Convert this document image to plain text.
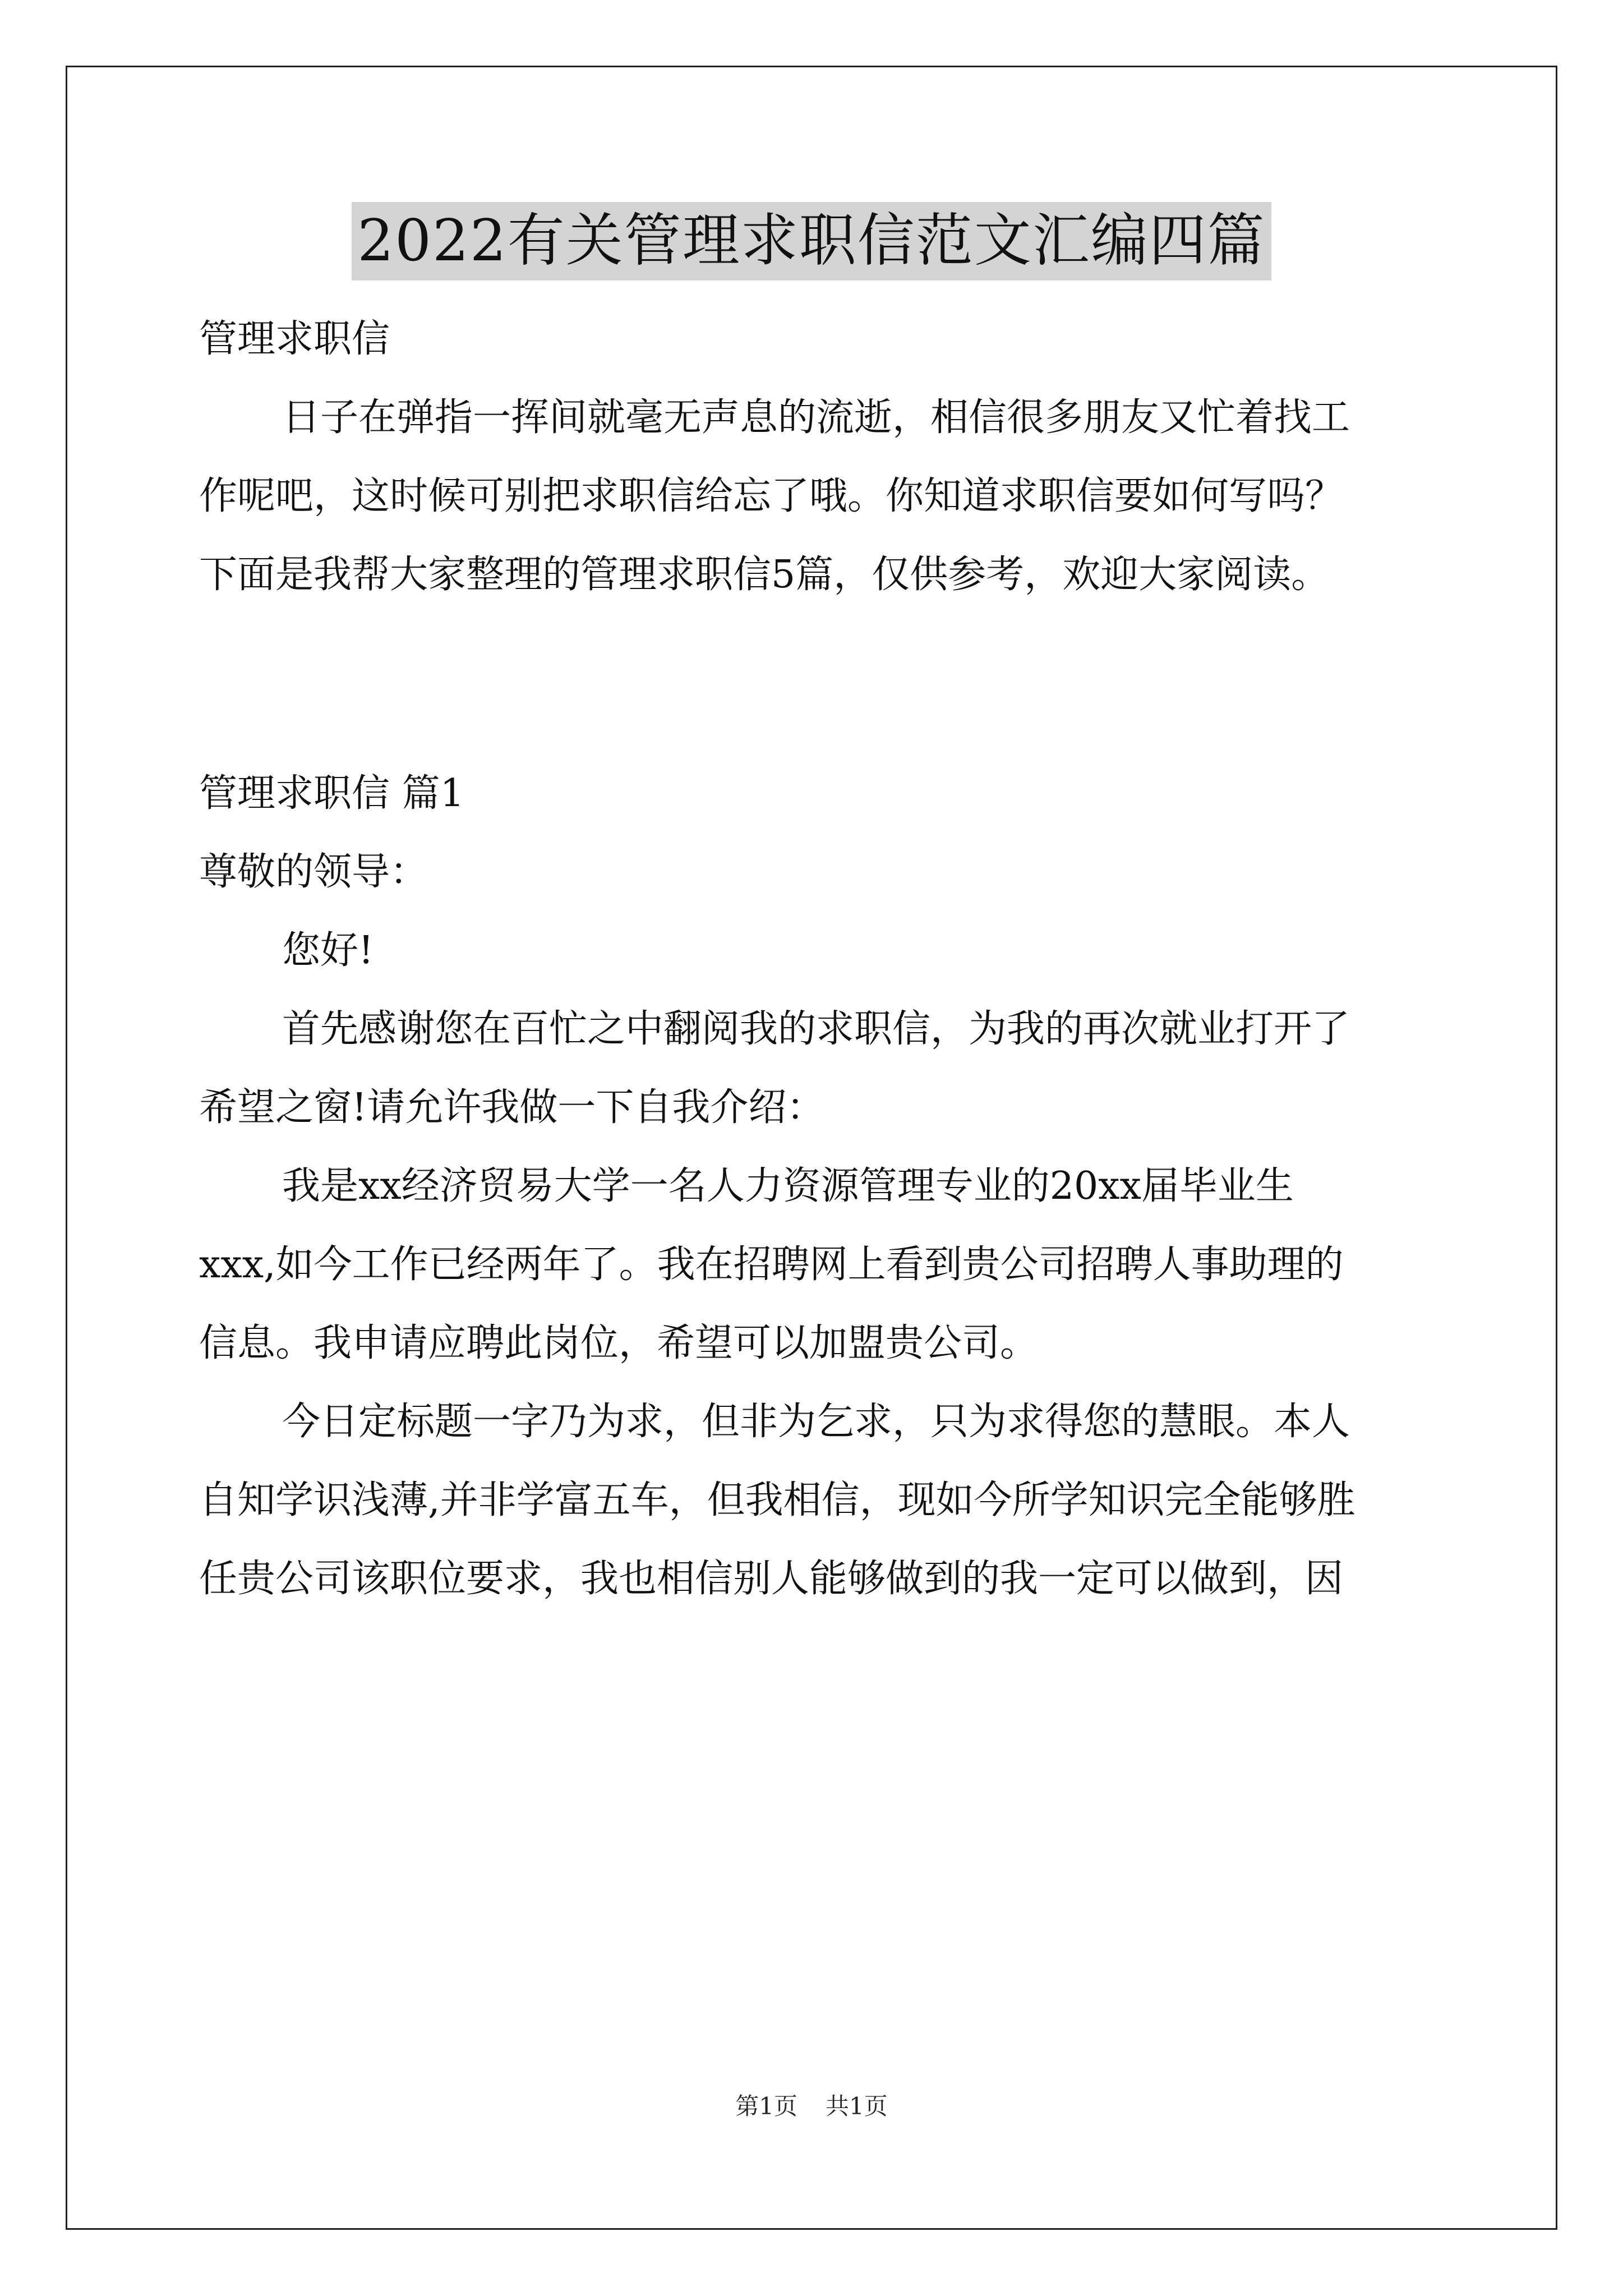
2022有关管理求职信范文汇编四篇

管理求职信

日子在弹指一挥间就毫无声息的流逝，相信很多朋友又忙着找工

作呢吧，这时候可别把求职信给忘了哦。你知道求职信要如何写吗？

下面是我帮大家整理的管理求职信5篇，仅供参考，欢迎大家阅读。

管理求职信 篇1

尊敬的领导：

您好!

首先感谢您在百忙之中翻阅我的求职信，为我的再次就业打开了

希望之窗!请允许我做一下自我介绍：

我是xx经济贸易大学一名人力资源管理专业的20xx届毕业生

xxx,如今工作已经两年了。我在招聘网上看到贵公司招聘人事助理的

信息。我申请应聘此岗位，希望可以加盟贵公司。

今日定标题一字乃为求，但非为乞求，只为求得您的慧眼。本人

自知学识浅薄,并非学富五车，但我相信，现如今所学知识完全能够胜

任贵公司该职位要求，我也相信别人能够做到的我一定可以做到，因

第1页 共1页
